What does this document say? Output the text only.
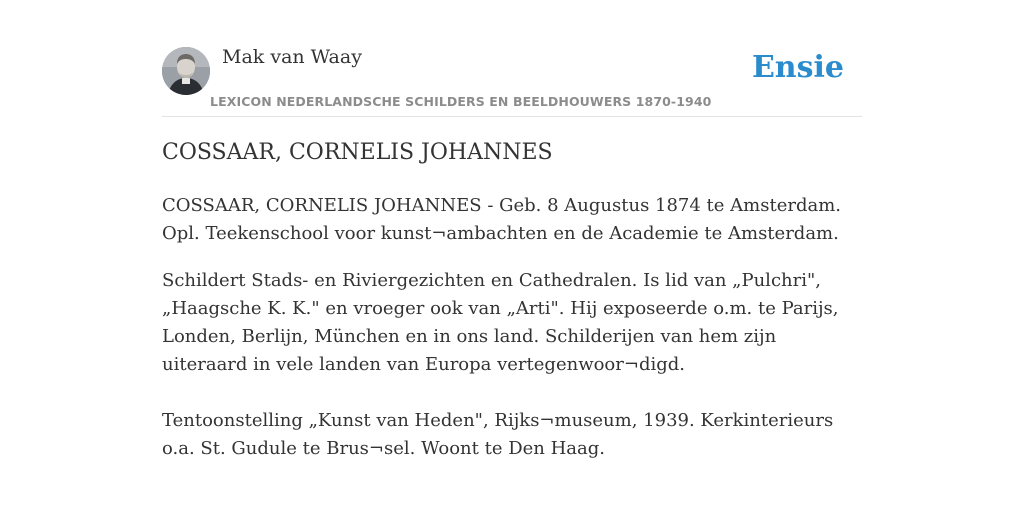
Mak van Waay
LEXICON NEDERLANDSCHE SCHILDERS EN BEELDHOUWERS 1870-1940
Ensie
COSSAAR, CORNELIS JOHANNES

COSSAAR, CORNELIS JOHANNES - Geb. 8 Augustus 1874 te Amsterdam. Opl. Teekenschool voor kunst¬ambachten en de Academie te Amsterdam.

Schildert Stads- en Riviergezichten en Cathedralen. Is lid van „Pulchri", „Haagsche K. K." en vroeger ook van „Arti". Hij exposeerde o.m. te Parijs, Londen, Berlijn, München en in ons land. Schilderijen van hem zijn uiteraard in vele landen van Europa vertegenwoor¬digd.

Tentoonstelling „Kunst van Heden", Rijks¬museum, 1939. Kerkinterieurs o.a. St. Gudule te Brus¬sel. Woont te Den Haag.
